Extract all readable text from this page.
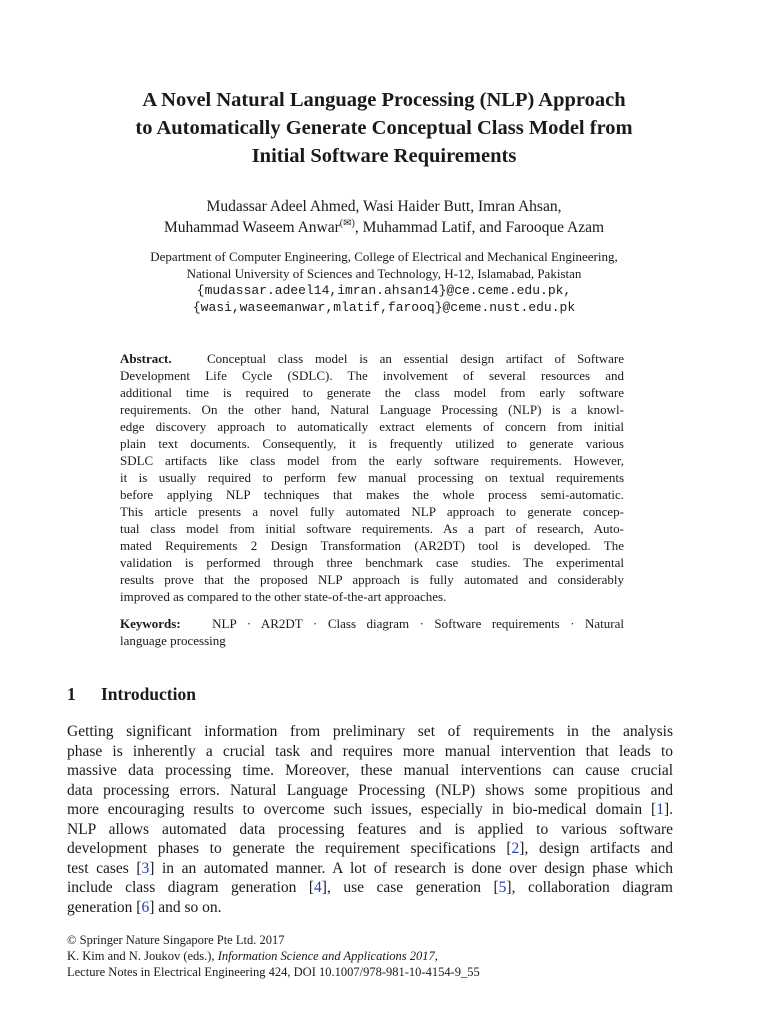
A Novel Natural Language Processing (NLP) Approach
to Automatically Generate Conceptual Class Model from
Initial Software Requirements
Mudassar Adeel Ahmed, Wasi Haider Butt, Imran Ahsan,
Muhammad Waseem Anwar(✉), Muhammad Latif, and Farooque Azam
Department of Computer Engineering, College of Electrical and Mechanical Engineering,
National University of Sciences and Technology, H-12, Islamabad, Pakistan
{mudassar.adeel14,imran.ahsan14}@ce.ceme.edu.pk,
{wasi,waseemanwar,mlatif,farooq}@ceme.nust.edu.pk
Abstract.	Conceptual class model is an essential design artifact of Software
Development Life Cycle (SDLC). The involvement of several resources and
additional time is required to generate the class model from early software
requirements. On the other hand, Natural Language Processing (NLP) is a knowl-
edge discovery approach to automatically extract elements of concern from initial
plain text documents. Consequently, it is frequently utilized to generate various
SDLC artifacts like class model from the early software requirements. However,
it is usually required to perform few manual processing on textual requirements
before applying NLP techniques that makes the whole process semi-automatic.
This article presents a novel fully automated NLP approach to generate concep-
tual class model from initial software requirements. As a part of research, Auto-
mated Requirements 2 Design Transformation (AR2DT) tool is developed. The
validation is performed through three benchmark case studies. The experimental
results prove that the proposed NLP approach is fully automated and considerably
improved as compared to the other state-of-the-art approaches.
Keywords: NLP · AR2DT · Class diagram · Software requirements · Natural
language processing
1 Introduction
Getting significant information from preliminary set of requirements in the analysis
phase is inherently a crucial task and requires more manual intervention that leads to
massive data processing time. Moreover, these manual interventions can cause crucial
data processing errors. Natural Language Processing (NLP) shows some propitious and
more encouraging results to overcome such issues, especially in bio-medical domain [1].
NLP allows automated data processing features and is applied to various software
development phases to generate the requirement specifications [2], design artifacts and
test cases [3] in an automated manner. A lot of research is done over design phase which
include class diagram generation [4], use case generation [5], collaboration diagram
generation [6] and so on.
© Springer Nature Singapore Pte Ltd. 2017
K. Kim and N. Joukov (eds.), Information Science and Applications 2017,
Lecture Notes in Electrical Engineering 424, DOI 10.1007/978-981-10-4154-9_55
